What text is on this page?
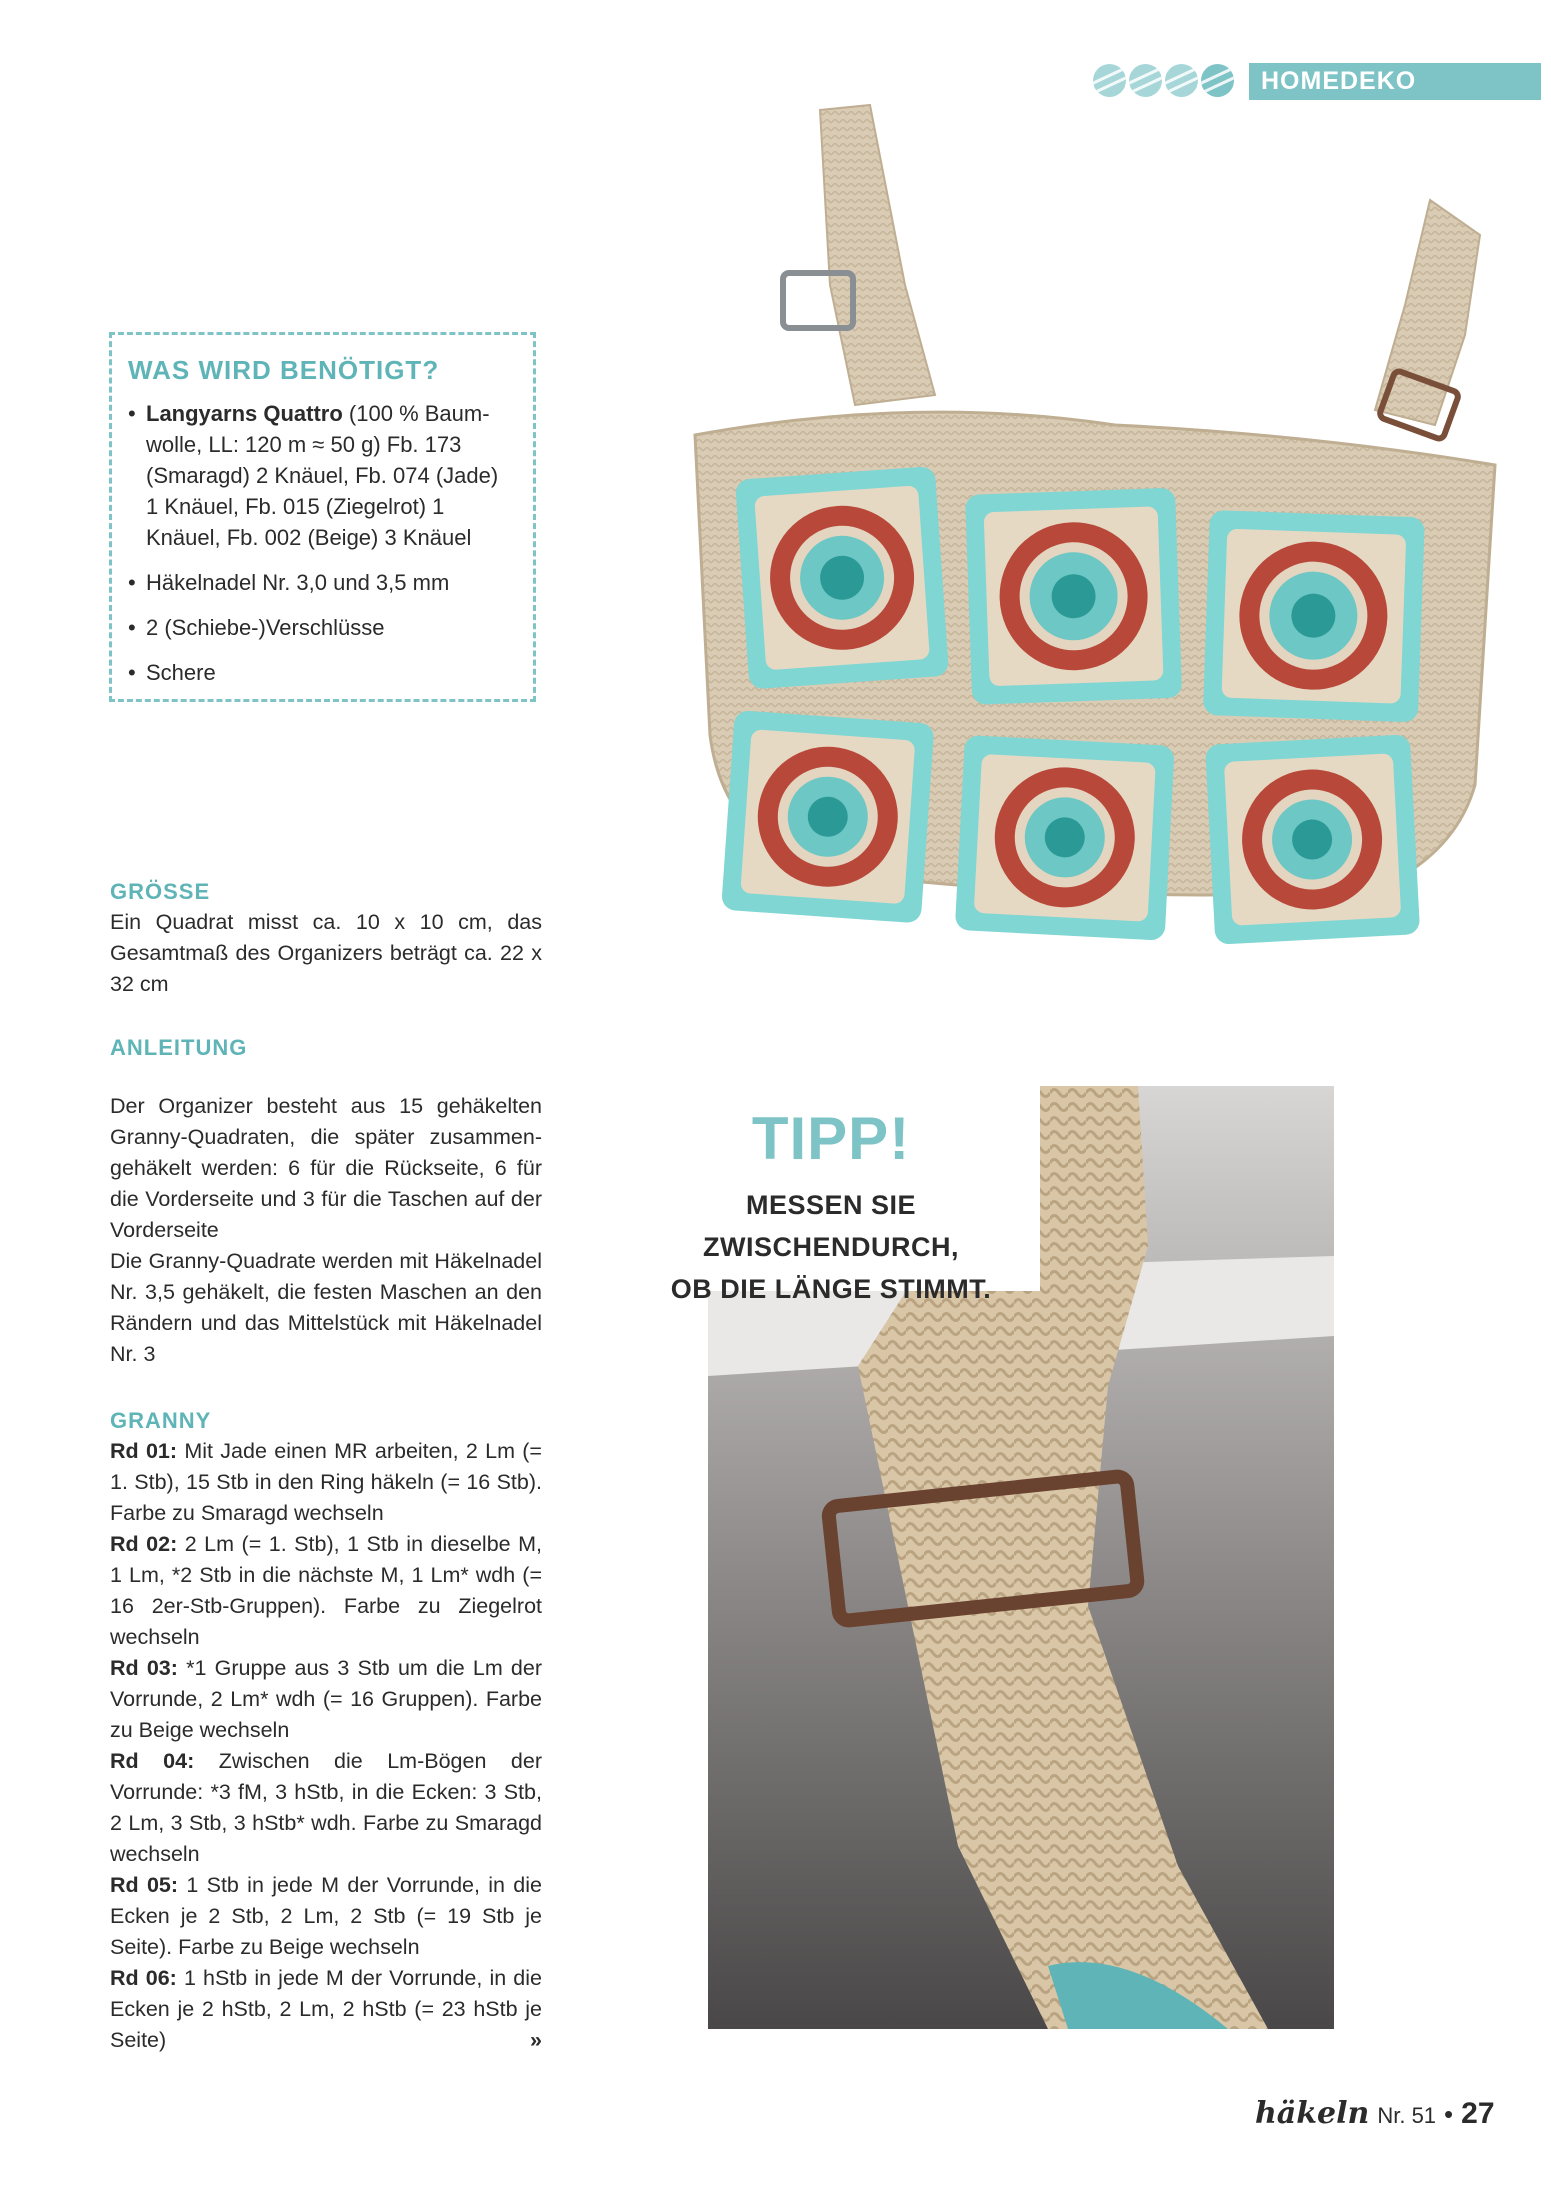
HOMEDEKO
WAS WIRD BENÖTIGT?
• Langyarns Quattro (100 % Baum-wolle, LL: 120 m ≈ 50 g) Fb. 173 (Smaragd) 2 Knäuel, Fb. 074 (Jade) 1 Knäuel, Fb. 015 (Ziegelrot) 1 Knäuel, Fb. 002 (Beige) 3 Knäuel
• Häkelnadel Nr. 3,0 und 3,5 mm
• 2 (Schiebe-)Verschlüsse
• Schere
GRÖSSE

Ein Quadrat misst ca. 10 x 10 cm, das Gesamtmaß des Organizers beträgt ca. 22 x 32 cm

ANLEITUNG

Der Organizer besteht aus 15 gehäkelten Granny-Quadraten, die später zusammen-gehäkelt werden: 6 für die Rückseite, 6 für die Vorderseite und 3 für die Taschen auf der Vorderseite

Die Granny-Quadrate werden mit Häkelnadel Nr. 3,5 gehäkelt, die festen Maschen an den Rändern und das Mittelstück mit Häkelnadel Nr. 3

GRANNY

Rd 01: Mit Jade einen MR arbeiten, 2 Lm (= 1. Stb), 15 Stb in den Ring häkeln (= 16 Stb). Farbe zu Smaragd wechseln

Rd 02: 2 Lm (= 1. Stb), 1 Stb in dieselbe M, 1 Lm, *2 Stb in die nächste M, 1 Lm* wdh (= 16 2er-Stb-Gruppen). Farbe zu Ziegelrot wechseln

Rd 03: *1 Gruppe aus 3 Stb um die Lm der Vorrunde, 2 Lm* wdh (= 16 Gruppen). Farbe zu Beige wechseln

Rd 04: Zwischen die Lm-Bögen der Vorrunde: *3 fM, 3 hStb, in die Ecken: 3 Stb, 2 Lm, 3 Stb, 3 hStb* wdh. Farbe zu Smaragd wechseln

Rd 05: 1 Stb in jede M der Vorrunde, in die Ecken je 2 Stb, 2 Lm, 2 Stb (= 19 Stb je Seite). Farbe zu Beige wechseln

Rd 06: 1 hStb in jede M der Vorrunde, in die Ecken je 2 hStb, 2 Lm, 2 hStb (= 23 hStb je Seite)	»

TIPP!
MESSEN SIE ZWISCHENDURCH,
OB DIE LÄNGE STIMMT.
häkeln Nr. 51 • 27
